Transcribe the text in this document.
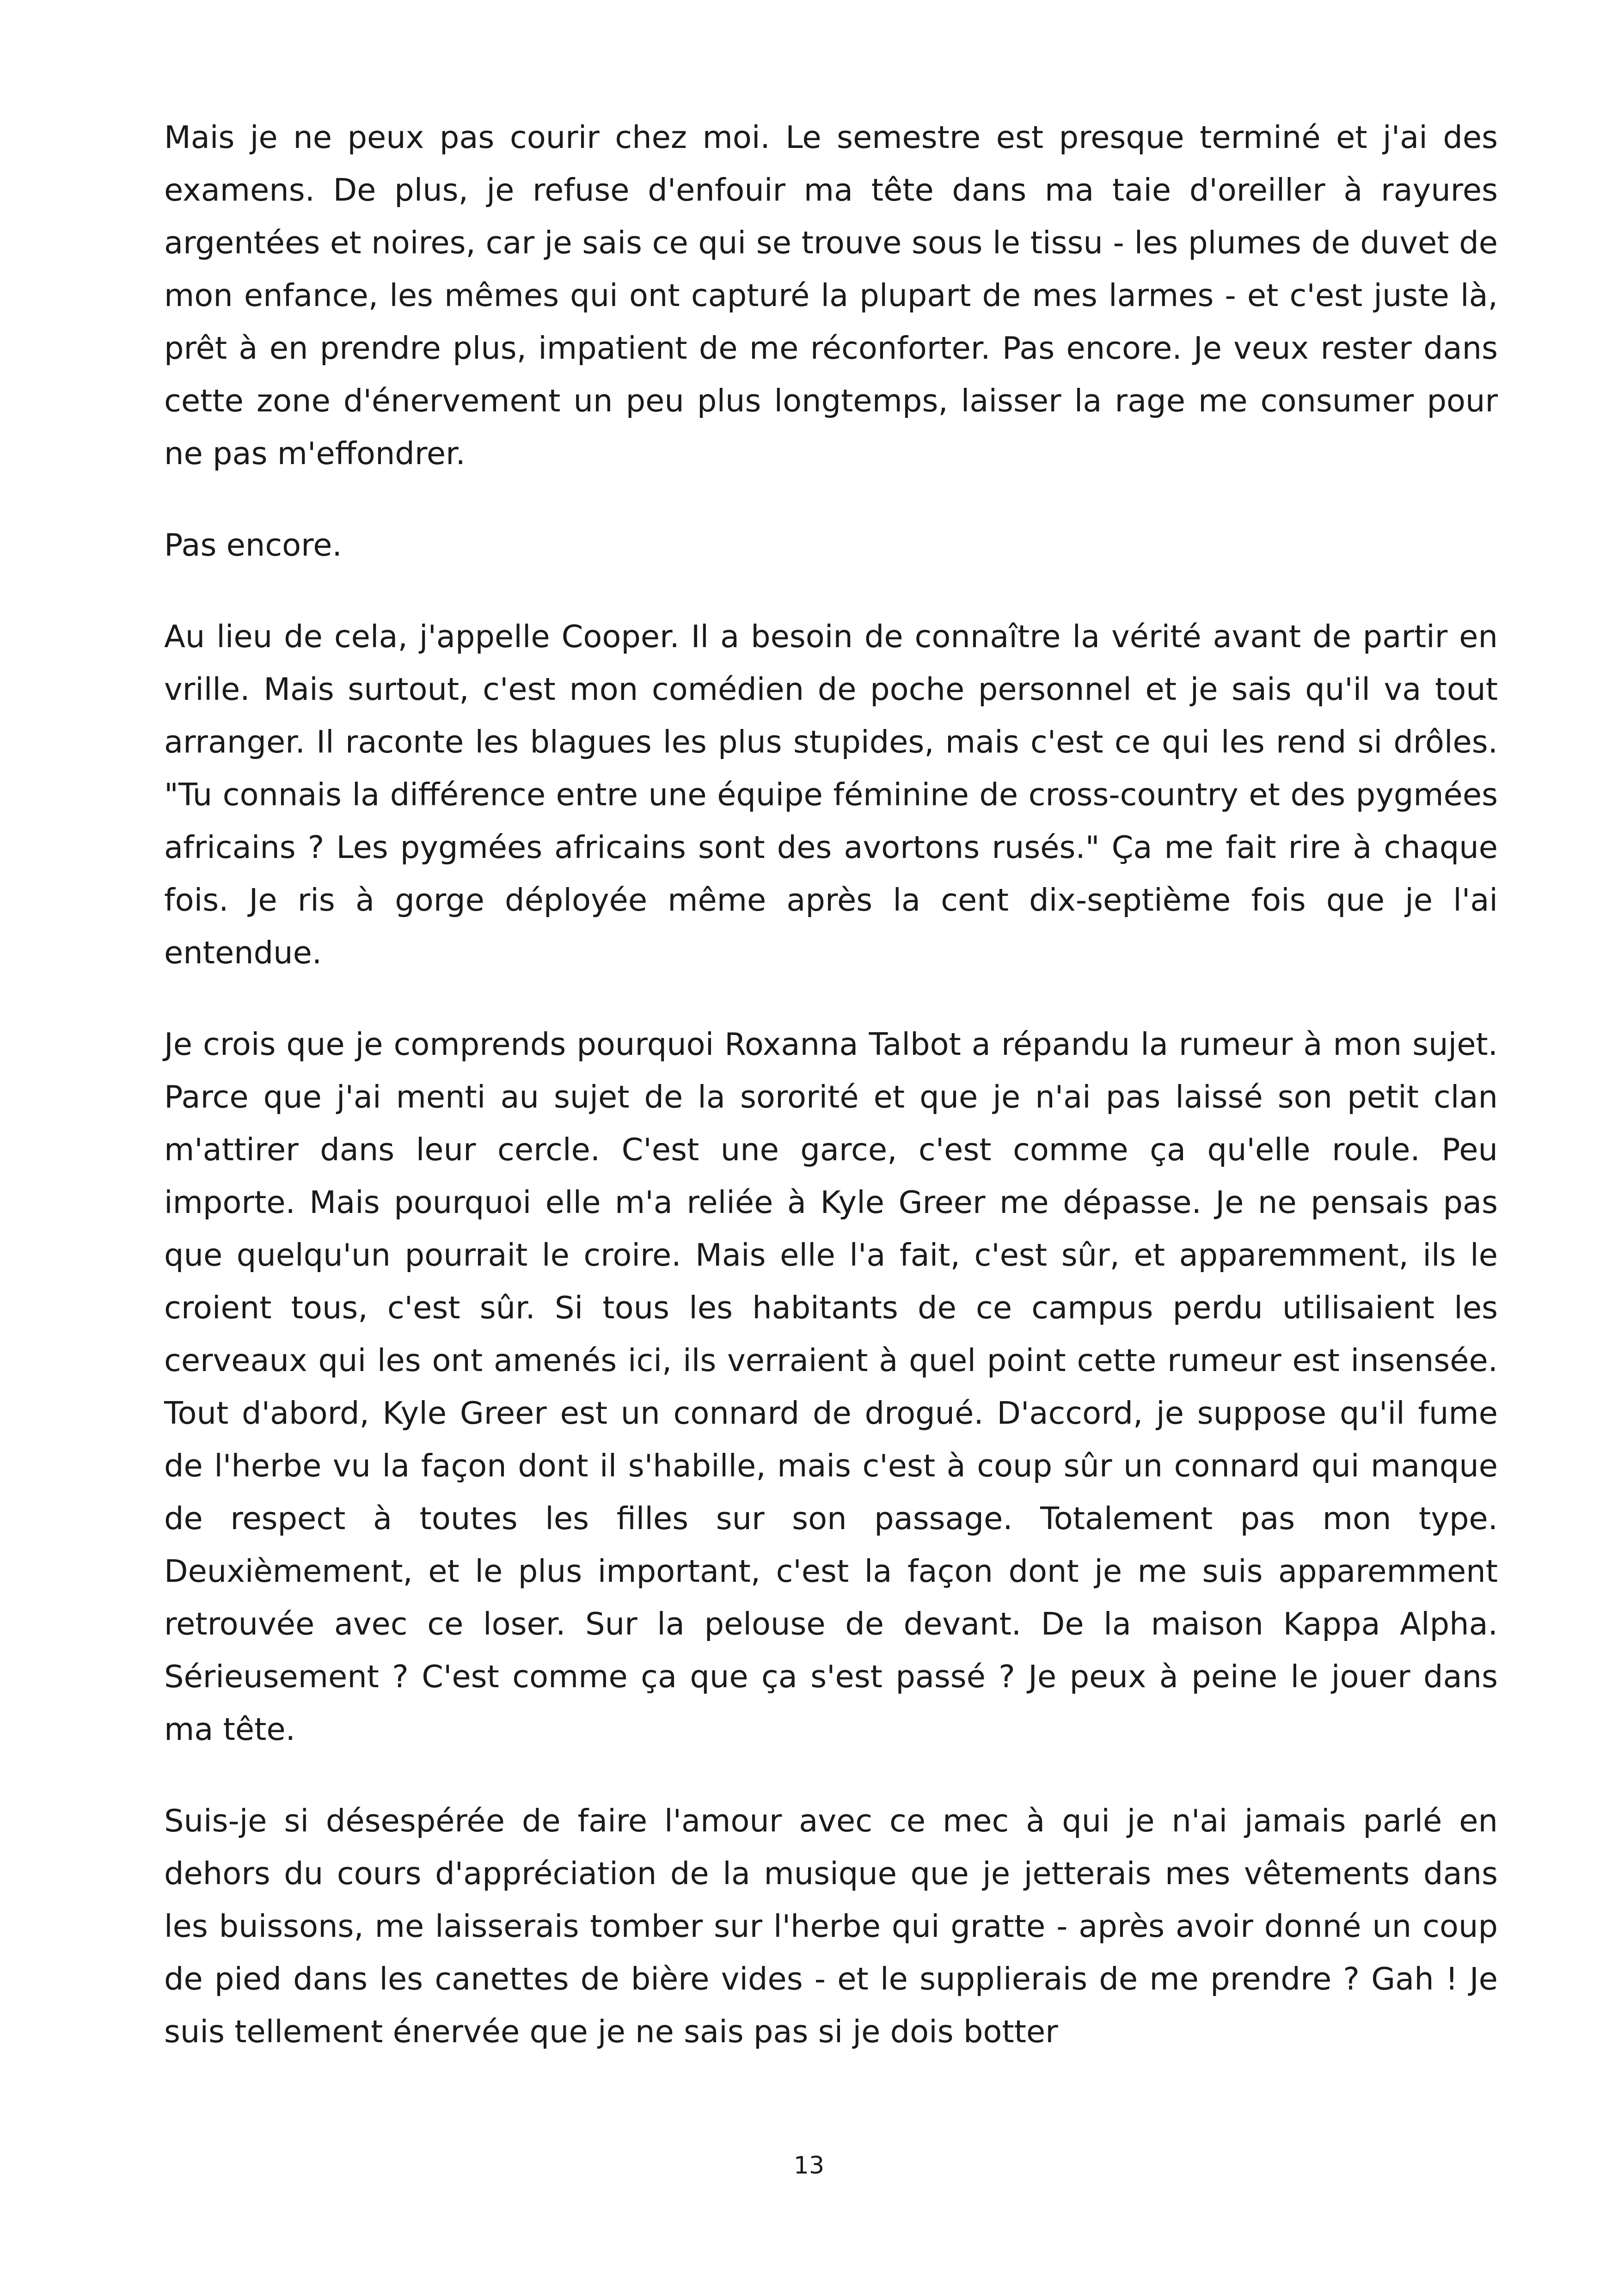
Mais je ne peux pas courir chez moi. Le semestre est presque terminé et j'ai des examens. De plus, je refuse d'enfouir ma tête dans ma taie d'oreiller à rayures argentées et noires, car je sais ce qui se trouve sous le tissu - les plumes de duvet de mon enfance, les mêmes qui ont capturé la plupart de mes larmes - et c'est juste là, prêt à en prendre plus, impatient de me réconforter. Pas encore. Je veux rester dans cette zone d'énervement un peu plus longtemps, laisser la rage me consumer pour ne pas m'effondrer.

Pas encore.

Au lieu de cela, j'appelle Cooper. Il a besoin de connaître la vérité avant de partir en vrille. Mais surtout, c'est mon comédien de poche personnel et je sais qu'il va tout arranger. Il raconte les blagues les plus stupides, mais c'est ce qui les rend si drôles. "Tu connais la différence entre une équipe féminine de cross-country et des pygmées africains ? Les pygmées africains sont des avortons rusés." Ça me fait rire à chaque fois. Je ris à gorge déployée même après la cent dix-septième fois que je l'ai entendue.

Je crois que je comprends pourquoi Roxanna Talbot a répandu la rumeur à mon sujet. Parce que j'ai menti au sujet de la sororité et que je n'ai pas laissé son petit clan m'attirer dans leur cercle. C'est une garce, c'est comme ça qu'elle roule. Peu importe. Mais pourquoi elle m'a reliée à Kyle Greer me dépasse. Je ne pensais pas que quelqu'un pourrait le croire. Mais elle l'a fait, c'est sûr, et apparemment, ils le croient tous, c'est sûr. Si tous les habitants de ce campus perdu utilisaient les cerveaux qui les ont amenés ici, ils verraient à quel point cette rumeur est insensée. Tout d'abord, Kyle Greer est un connard de drogué. D'accord, je suppose qu'il fume de l'herbe vu la façon dont il s'habille, mais c'est à coup sûr un connard qui manque de respect à toutes les filles sur son passage. Totalement pas mon type. Deuxièmement, et le plus important, c'est la façon dont je me suis apparemment retrouvée avec ce loser. Sur la pelouse de devant. De la maison Kappa Alpha. Sérieusement ? C'est comme ça que ça s'est passé ? Je peux à peine le jouer dans ma tête.

Suis-je si désespérée de faire l'amour avec ce mec à qui je n'ai jamais parlé en dehors du cours d'appréciation de la musique que je jetterais mes vêtements dans les buissons, me laisserais tomber sur l'herbe qui gratte - après avoir donné un coup de pied dans les canettes de bière vides - et le supplierais de me prendre ? Gah ! Je suis tellement énervée que je ne sais pas si je dois botter

13
